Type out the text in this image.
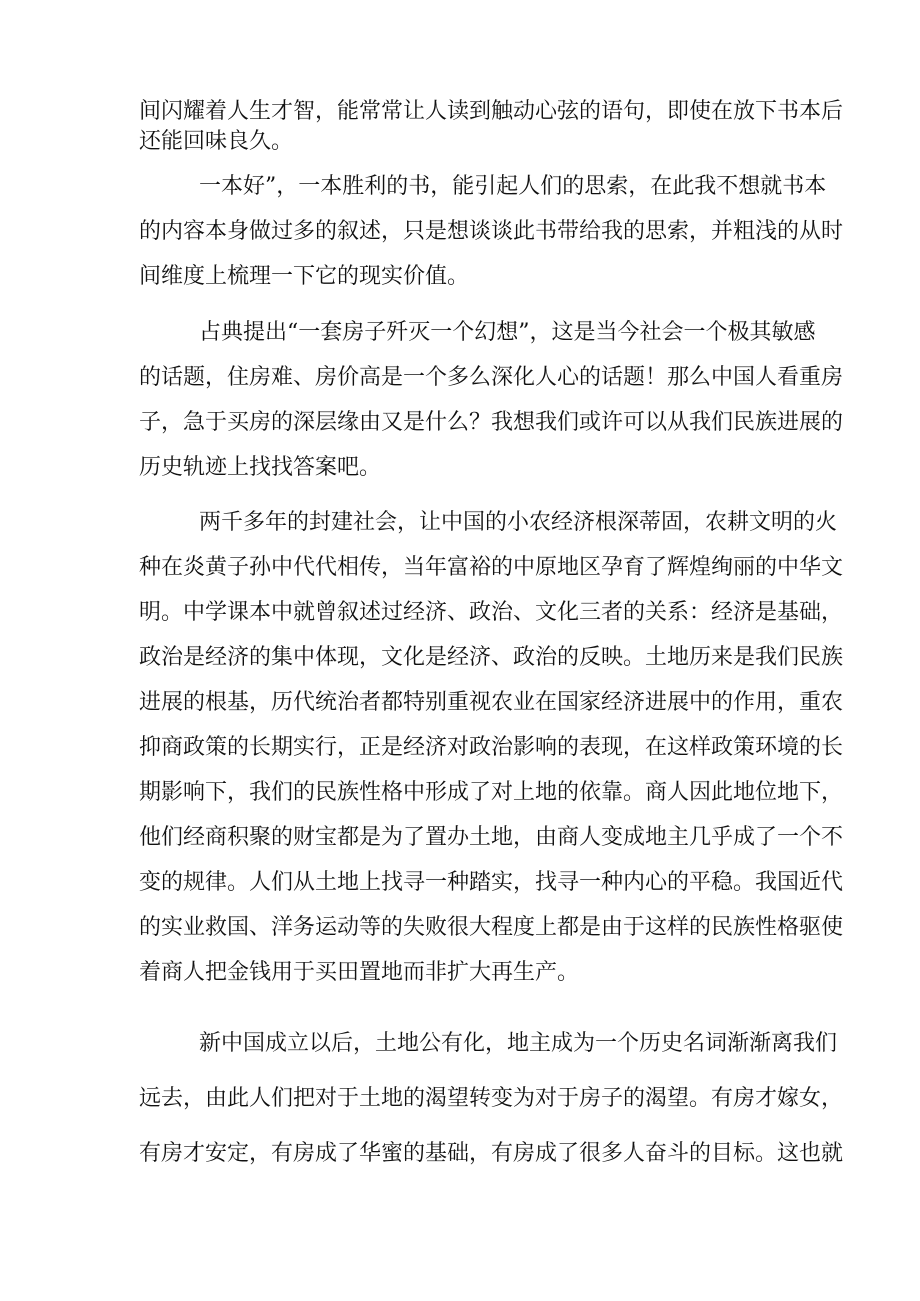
间闪耀着人生才智，能常常让人读到触动心弦的语句，即使在放下书本后

还能回味良久。

一本好”，一本胜利的书，能引起人们的思索，在此我不想就书本

的内容本身做过多的叙述，只是想谈谈此书带给我的思索，并粗浅的从时

间维度上梳理一下它的现实价值。

占典提出“一套房子歼灭一个幻想”，这是当今社会一个极其敏感

的话题，住房难、房价高是一个多么深化人心的话题！那么中国人看重房

子，急于买房的深层缘由又是什么？我想我们或许可以从我们民族进展的

历史轨迹上找找答案吧。

两千多年的封建社会，让中国的小农经济根深蒂固，农耕文明的火

种在炎黄子孙中代代相传，当年富裕的中原地区孕育了辉煌绚丽的中华文

明。中学课本中就曾叙述过经济、政治、文化三者的关系：经济是基础，

政治是经济的集中体现，文化是经济、政治的反映。土地历来是我们民族

进展的根基，历代统治者都特别重视农业在国家经济进展中的作用，重农

抑商政策的长期实行，正是经济对政治影响的表现，在这样政策环境的长

期影响下，我们的民族性格中形成了对上地的依靠。商人因此地位地下，

他们经商积聚的财宝都是为了置办土地，由商人变成地主几乎成了一个不

变的规律。人们从土地上找寻一种踏实，找寻一种内心的平稳。我国近代

的实业救国、洋务运动等的失败很大程度上都是由于这样的民族性格驱使

着商人把金钱用于买田置地而非扩大再生产。

新中国成立以后，土地公有化，地主成为一个历史名词渐渐离我们

远去，由此人们把对于土地的渴望转变为对于房子的渴望。有房才嫁女，

有房才安定，有房成了华蜜的基础，有房成了很多人奋斗的目标。这也就
